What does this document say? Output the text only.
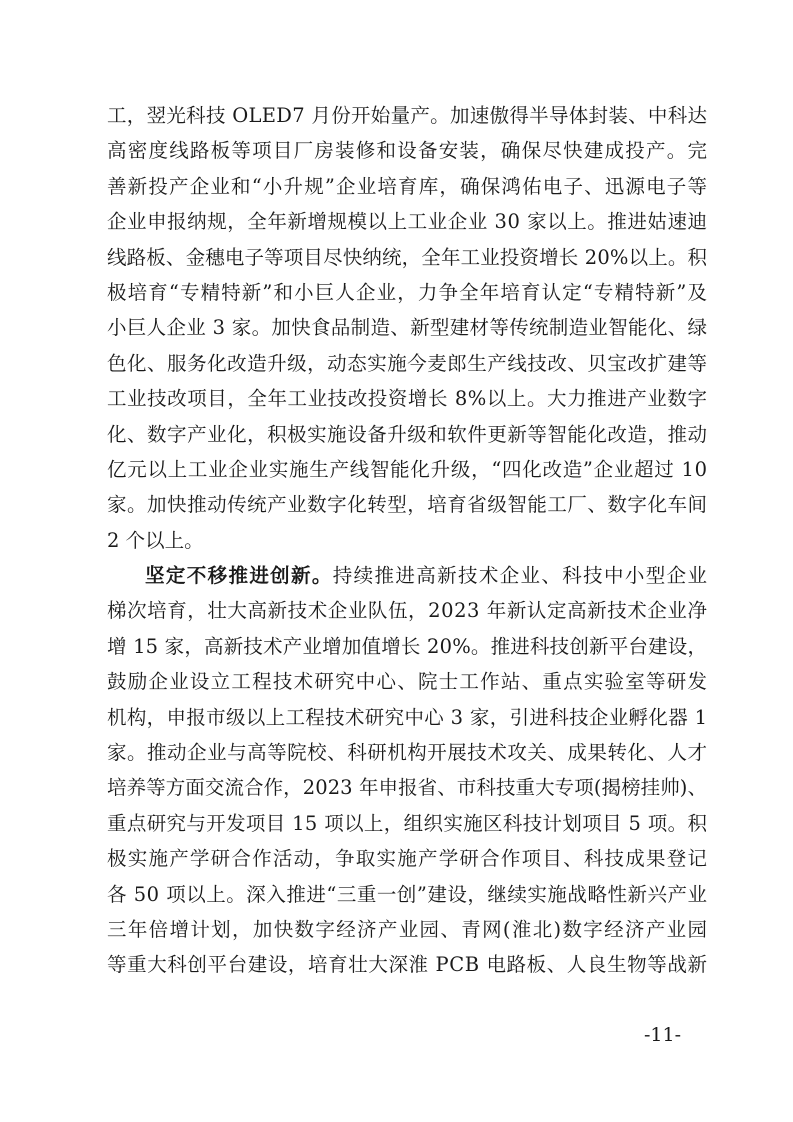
工，翌光科技 OLED7 月份开始量产。加速傲得半导体封装、中科达
高密度线路板等项目厂房装修和设备安装，确保尽快建成投产。完
善新投产企业和“小升规”企业培育库，确保鸿佑电子、迅源电子等
企业申报纳规，全年新增规模以上工业企业 30 家以上。推进姑速迪
线路板、金穗电子等项目尽快纳统，全年工业投资增长 20%以上。积
极培育“专精特新”和小巨人企业，力争全年培育认定“专精特新”及
小巨人企业 3 家。加快食品制造、新型建材等传统制造业智能化、绿
色化、服务化改造升级，动态实施今麦郎生产线技改、贝宝改扩建等
工业技改项目，全年工业技改投资增长 8%以上。大力推进产业数字
化、数字产业化，积极实施设备升级和软件更新等智能化改造，推动
亿元以上工业企业实施生产线智能化升级，“四化改造”企业超过 10
家。加快推动传统产业数字化转型，培育省级智能工厂、数字化车间
2 个以上。
坚定不移推进创新。持续推进高新技术企业、科技中小型企业
梯次培育，壮大高新技术企业队伍，2023 年新认定高新技术企业净
增 15 家，高新技术产业增加值增长 20%。推进科技创新平台建设，
鼓励企业设立工程技术研究中心、院士工作站、重点实验室等研发
机构，申报市级以上工程技术研究中心 3 家，引进科技企业孵化器 1
家。推动企业与高等院校、科研机构开展技术攻关、成果转化、人才
培养等方面交流合作，2023 年申报省、市科技重大专项(揭榜挂帅)、
重点研究与开发项目 15 项以上，组织实施区科技计划项目 5 项。积
极实施产学研合作活动，争取实施产学研合作项目、科技成果登记
各 50 项以上。深入推进“三重一创”建设，继续实施战略性新兴产业
三年倍增计划，加快数字经济产业园、青网(淮北)数字经济产业园
等重大科创平台建设，培育壮大深淮 PCB 电路板、人良生物等战新
-11-
